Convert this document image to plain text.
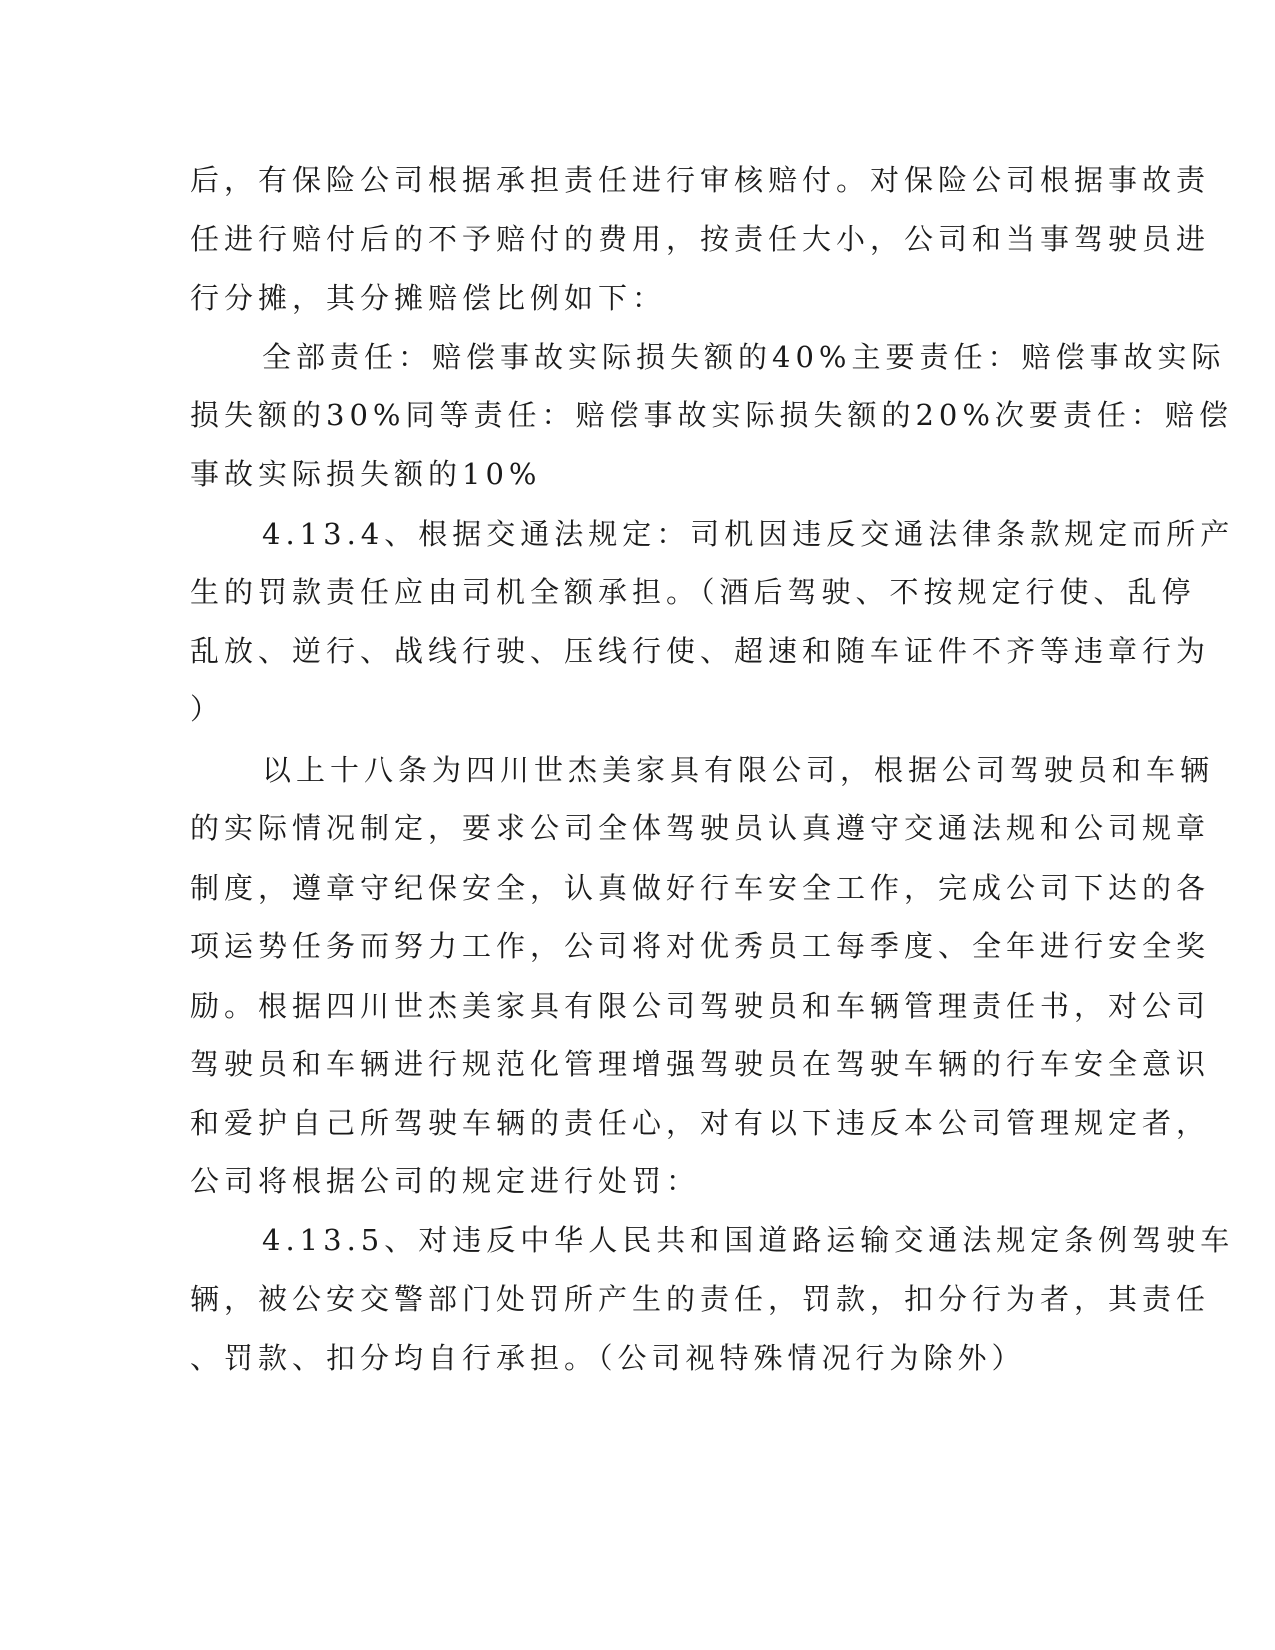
后，有保险公司根据承担责任进行审核赔付。对保险公司根据事故责
任进行赔付后的不予赔付的费用，按责任大小，公司和当事驾驶员进
行分摊，其分摊赔偿比例如下：
全部责任：赔偿事故实际损失额的40%主要责任：赔偿事故实际
损失额的30%同等责任：赔偿事故实际损失额的20%次要责任：赔偿
事故实际损失额的10%
4.13.4、根据交通法规定：司机因违反交通法律条款规定而所产
生的罚款责任应由司机全额承担。（酒后驾驶、不按规定行使、乱停
乱放、逆行、战线行驶、压线行使、超速和随车证件不齐等违章行为
）
以上十八条为四川世杰美家具有限公司，根据公司驾驶员和车辆
的实际情况制定，要求公司全体驾驶员认真遵守交通法规和公司规章
制度，遵章守纪保安全，认真做好行车安全工作，完成公司下达的各
项运势任务而努力工作，公司将对优秀员工每季度、全年进行安全奖
励。根据四川世杰美家具有限公司驾驶员和车辆管理责任书，对公司
驾驶员和车辆进行规范化管理增强驾驶员在驾驶车辆的行车安全意识
和爱护自己所驾驶车辆的责任心，对有以下违反本公司管理规定者，
公司将根据公司的规定进行处罚：
4.13.5、对违反中华人民共和国道路运输交通法规定条例驾驶车
辆，被公安交警部门处罚所产生的责任，罚款，扣分行为者，其责任
、罚款、扣分均自行承担。（公司视特殊情况行为除外）
